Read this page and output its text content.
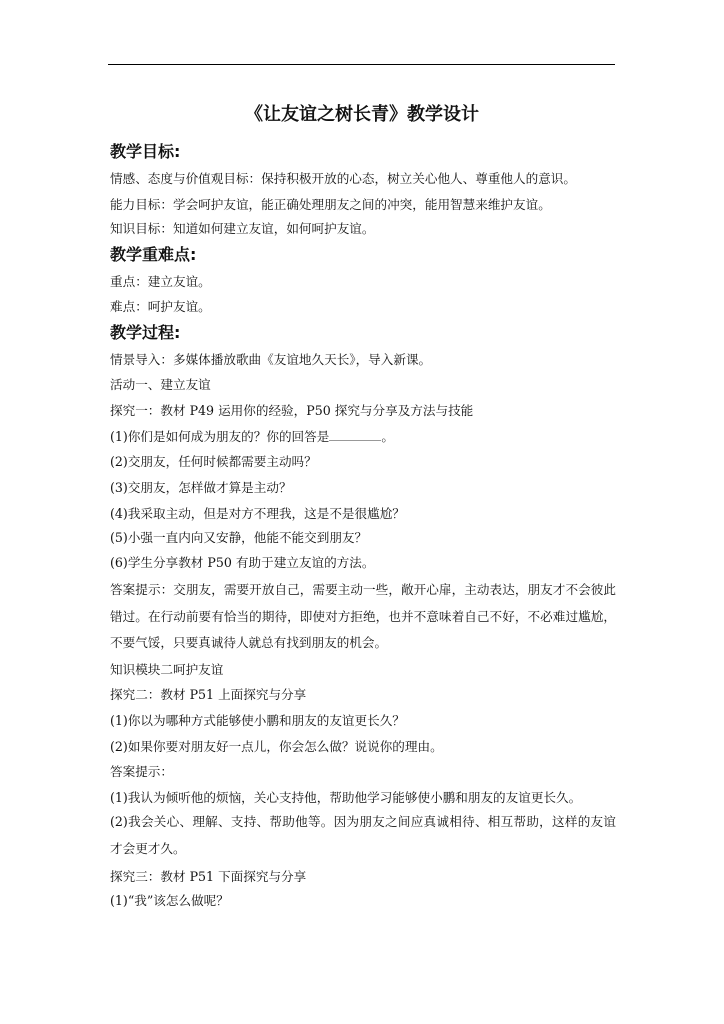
《让友谊之树长青》教学设计
教学目标:
情感、态度与价值观目标：保持积极开放的心态，树立关心他人、尊重他人的意识。
能力目标：学会呵护友谊，能正确处理朋友之间的冲突，能用智慧来维护友谊。
知识目标：知道如何建立友谊，如何呵护友谊。
教学重难点:
重点：建立友谊。
难点：呵护友谊。
教学过程:
情景导入：多媒体播放歌曲《友谊地久天长》，导入新课。
活动一、建立友谊
探究一：教材 P49 运用你的经验，P50 探究与分享及方法与技能
(1)你们是如何成为朋友的？你的回答是	。
(2)交朋友，任何时候都需要主动吗？
(3)交朋友，怎样做才算是主动？
(4)我采取主动，但是对方不理我，这是不是很尴尬？
(5)小强一直内向又安静，他能不能交到朋友？
(6)学生分享教材 P50 有助于建立友谊的方法。
答案提示：交朋友，需要开放自己，需要主动一些，敞开心扉，主动表达，朋友才不会彼此错过。在行动前要有恰当的期待，即使对方拒绝，也并不意味着自己不好，不必难过尴尬，不要气馁，只要真诚待人就总有找到朋友的机会。
知识模块二呵护友谊
探究二：教材 P51 上面探究与分享
(1)你以为哪种方式能够使小鹏和朋友的友谊更长久？
(2)如果你要对朋友好一点儿，你会怎么做？说说你的理由。
答案提示：
(1)我认为倾听他的烦恼，关心支持他，帮助他学习能够使小鹏和朋友的友谊更长久。
(2)我会关心、理解、支持、帮助他等。因为朋友之间应真诚相待、相互帮助，这样的友谊才会更才久。
探究三：教材 P51 下面探究与分享
(1)“我”该怎么做呢？
